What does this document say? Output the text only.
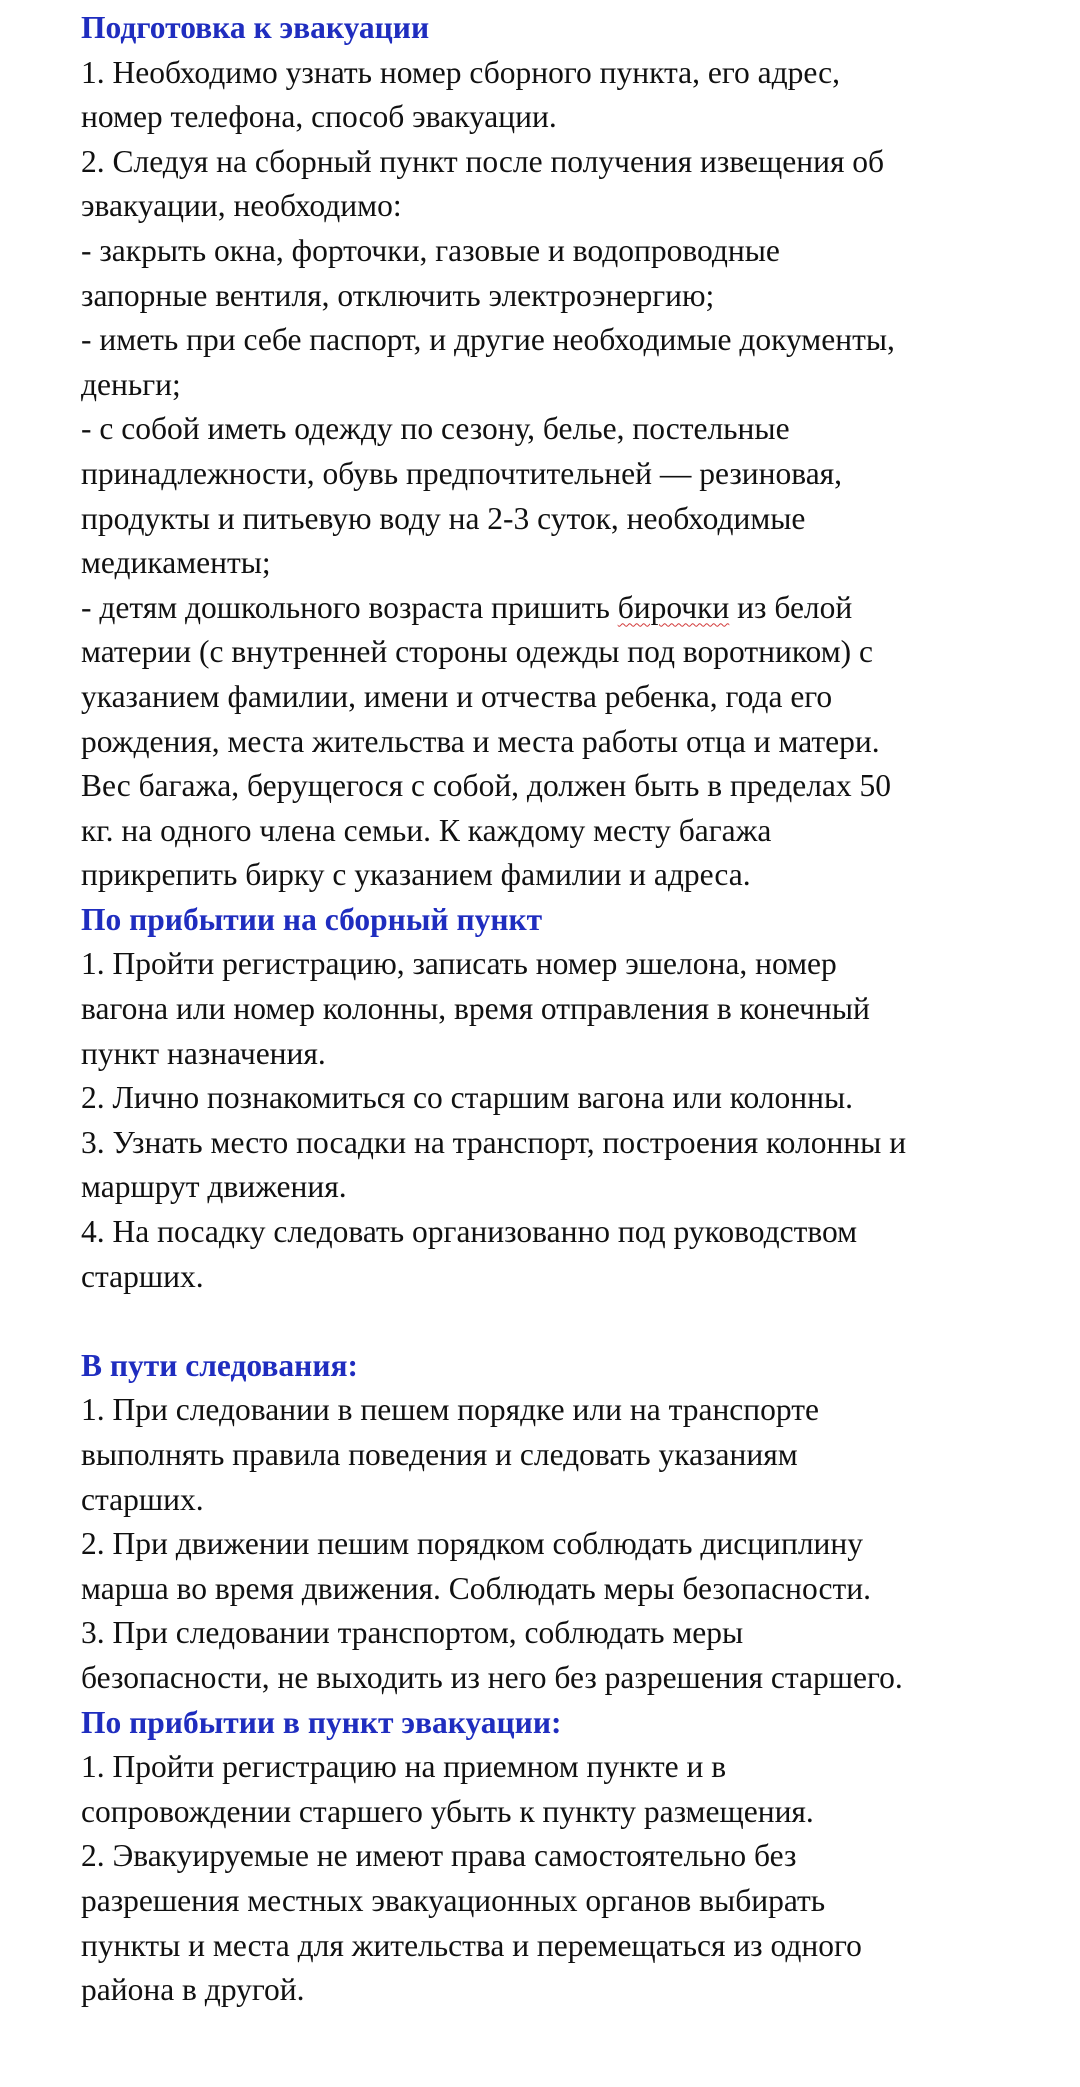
Подготовка к эвакуации
1. Необходимо узнать номер сборного пункта, его адрес,
номер телефона, способ эвакуации.
2. Следуя на сборный пункт после получения извещения об
эвакуации, необходимо:
- закрыть окна, форточки, газовые и водопроводные
запорные вентиля, отключить электроэнергию;
- иметь при себе паспорт, и другие необходимые документы,
деньги;
- с собой иметь одежду по сезону, белье, постельные
принадлежности, обувь предпочтительней — резиновая,
продукты и питьевую воду на 2-3 суток, необходимые
медикаменты;
- детям дошкольного возраста пришить бирочки из белой
материи (с внутренней стороны одежды под воротником) с
указанием фамилии, имени и отчества ребенка, года его
рождения, места жительства и места работы отца и матери.
Вес багажа, берущегося с собой, должен быть в пределах 50
кг. на одного члена семьи. К каждому месту багажа
прикрепить бирку с указанием фамилии и адреса.
По прибытии на сборный пункт
1. Пройти регистрацию, записать номер эшелона, номер
вагона или номер колонны, время отправления в конечный
пункт назначения.
2. Лично познакомиться со старшим вагона или колонны.
3. Узнать место посадки на транспорт, построения колонны и
маршрут движения.
4. На посадку следовать организованно под руководством
старших.
В пути следования:
1. При следовании в пешем порядке или на транспорте
выполнять правила поведения и следовать указаниям
старших.
2. При движении пешим порядком соблюдать дисциплину
марша во время движения. Соблюдать меры безопасности.
3. При следовании транспортом, соблюдать меры
безопасности, не выходить из него без разрешения старшего.
По прибытии в пункт эвакуации:
1. Пройти регистрацию на приемном пункте и в
сопровождении старшего убыть к пункту размещения.
2. Эвакуируемые не имеют права самостоятельно без
разрешения местных эвакуационных органов выбирать
пункты и места для жительства и перемещаться из одного
района в другой.
